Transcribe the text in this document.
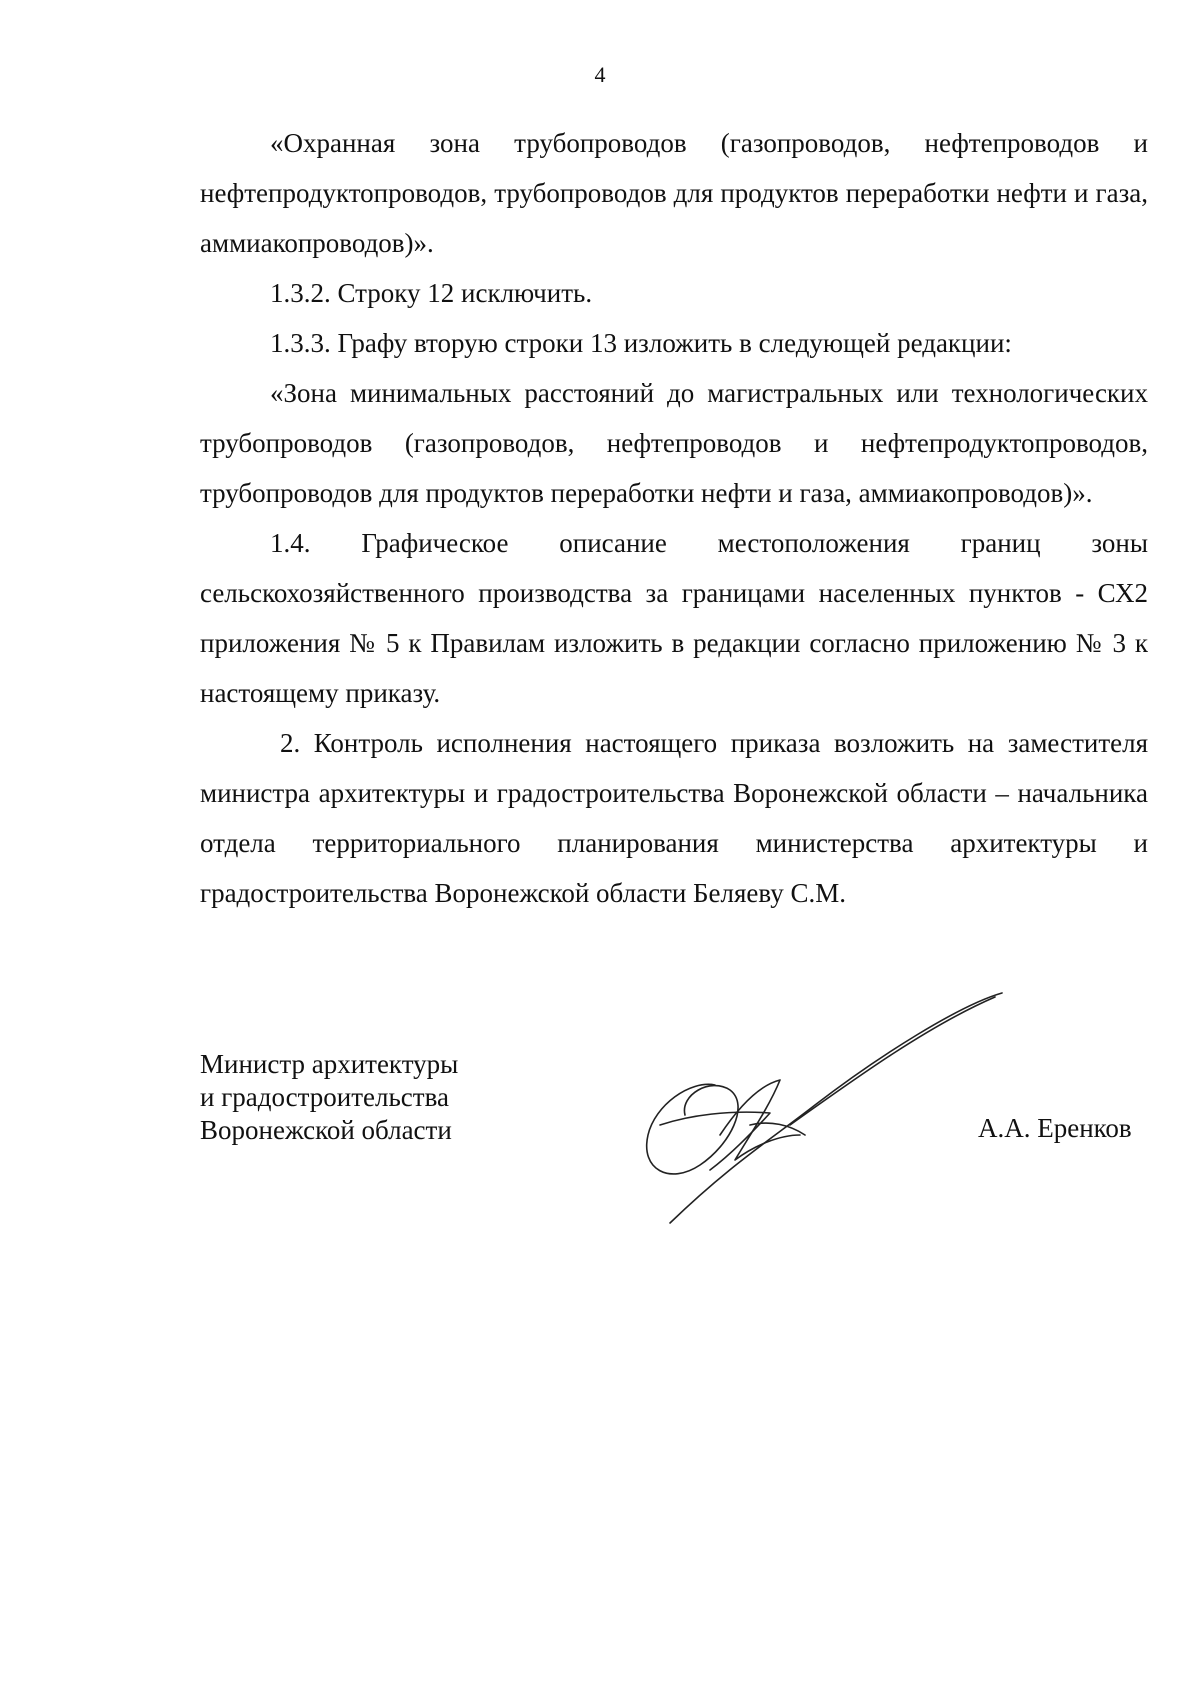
4

«Охранная зона трубопроводов (газопроводов, нефтепроводов и нефтепродуктопроводов, трубопроводов для продуктов переработки нефти и газа, аммиакопроводов)».

1.3.2. Строку 12 исключить.

1.3.3. Графу вторую строки 13 изложить в следующей редакции:

«Зона минимальных расстояний до магистральных или технологических трубопроводов (газопроводов, нефтепроводов и нефтепродуктопроводов, трубопроводов для продуктов переработки нефти и газа, аммиакопроводов)».

1.4. Графическое описание местоположения границ зоны сельскохозяйственного производства за границами населенных пунктов - СХ2 приложения № 5 к Правилам изложить в редакции согласно приложению № 3 к настоящему приказу.

2. Контроль исполнения настоящего приказа возложить на заместителя министра архитектуры и градостроительства Воронежской области – начальника отдела территориального планирования министерства архитектуры и градостроительства Воронежской области Беляеву С.М.

Министр архитектуры
и градостроительства
Воронежской области	А.А. Еренков
